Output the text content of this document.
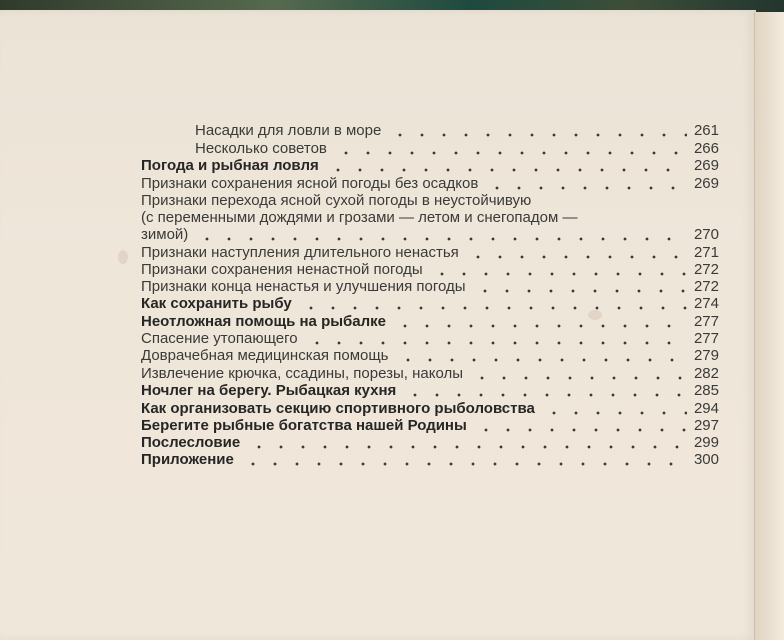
Насадки для ловли в море	261
Несколько советов	266
Погода и рыбная ловля	269
Признаки сохранения ясной погоды без осадков	269
Признаки перехода ясной сухой погоды в неустойчивую
(с переменными дождями и грозами — летом и снегопадом —
зимой)	270
Признаки наступления длительного ненастья	271
Признаки сохранения ненастной погоды	272
Признаки конца ненастья и улучшения погоды	272
Как сохранить рыбу	274
Неотложная помощь на рыбалке	277
Спасение утопающего	277
Доврачебная медицинская помощь	279
Извлечение крючка, ссадины, порезы, наколы	282
Ночлег на берегу. Рыбацкая кухня	285
Как организовать секцию спортивного рыболовства	294
Берегите рыбные богатства нашей Родины	297
Послесловие	299
Приложение	300
